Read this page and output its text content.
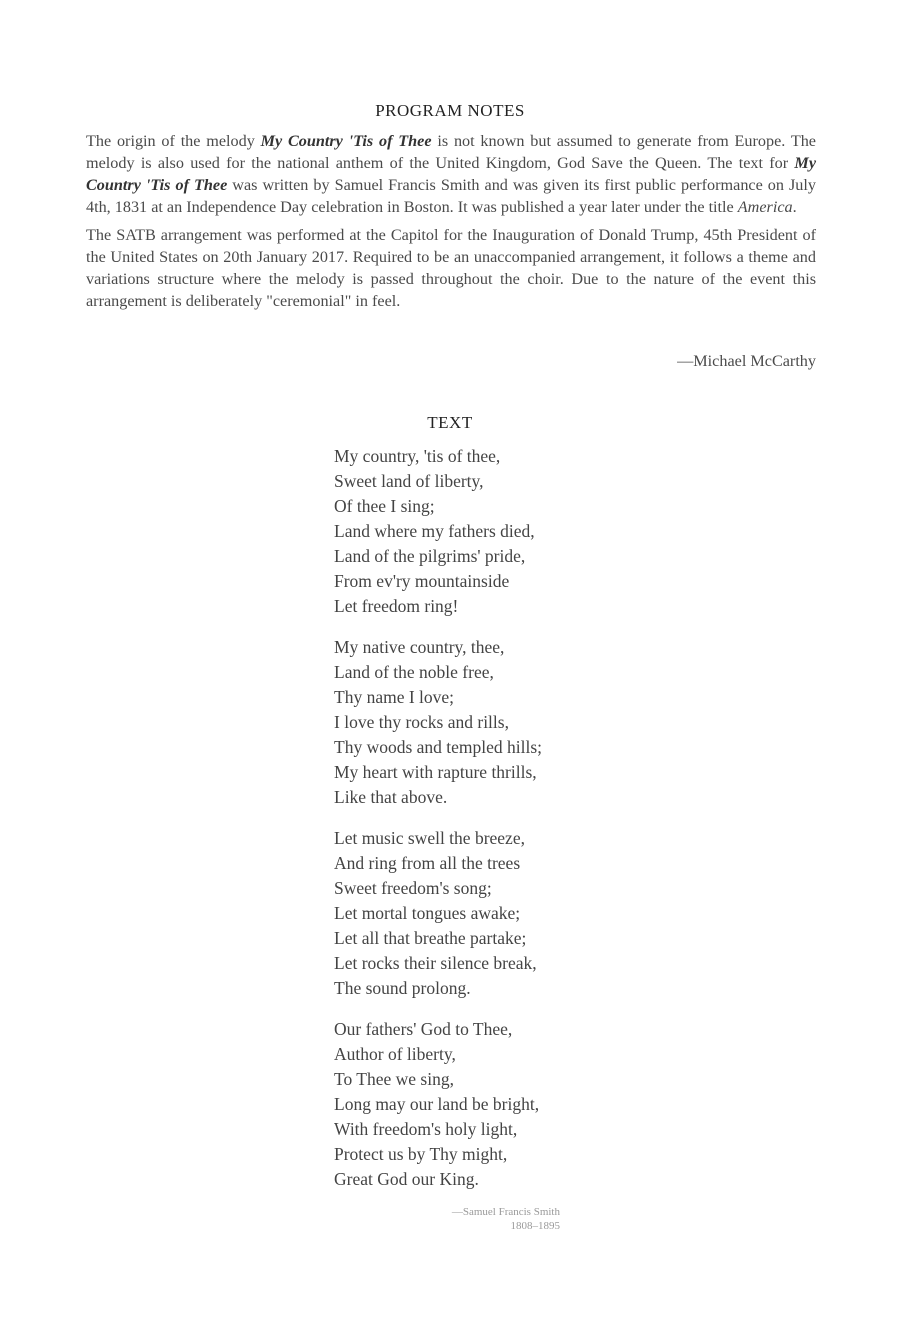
PROGRAM NOTES

The origin of the melody My Country 'Tis of Thee is not known but assumed to generate from Europe. The melody is also used for the national anthem of the United Kingdom, God Save the Queen. The text for My Country 'Tis of Thee was written by Samuel Francis Smith and was given its first public performance on July 4th, 1831 at an Independence Day celebration in Boston. It was published a year later under the title America.

The SATB arrangement was performed at the Capitol for the Inauguration of Donald Trump, 45th President of the United States on 20th January 2017. Required to be an unaccompanied arrangement, it follows a theme and variations structure where the melody is passed throughout the choir. Due to the nature of the event this arrangement is deliberately "ceremonial" in feel.

—Michael McCarthy
TEXT
My country, 'tis of thee,
Sweet land of liberty,
Of thee I sing;
Land where my fathers died,
Land of the pilgrims' pride,
From ev'ry mountainside
Let freedom ring!
My native country, thee,
Land of the noble free,
Thy name I love;
I love thy rocks and rills,
Thy woods and templed hills;
My heart with rapture thrills,
Like that above.
Let music swell the breeze,
And ring from all the trees
Sweet freedom's song;
Let mortal tongues awake;
Let all that breathe partake;
Let rocks their silence break,
The sound prolong.
Our fathers' God to Thee,
Author of liberty,
To Thee we sing,
Long may our land be bright,
With freedom's holy light,
Protect us by Thy might,
Great God our King.
—Samuel Francis Smith
1808–1895
